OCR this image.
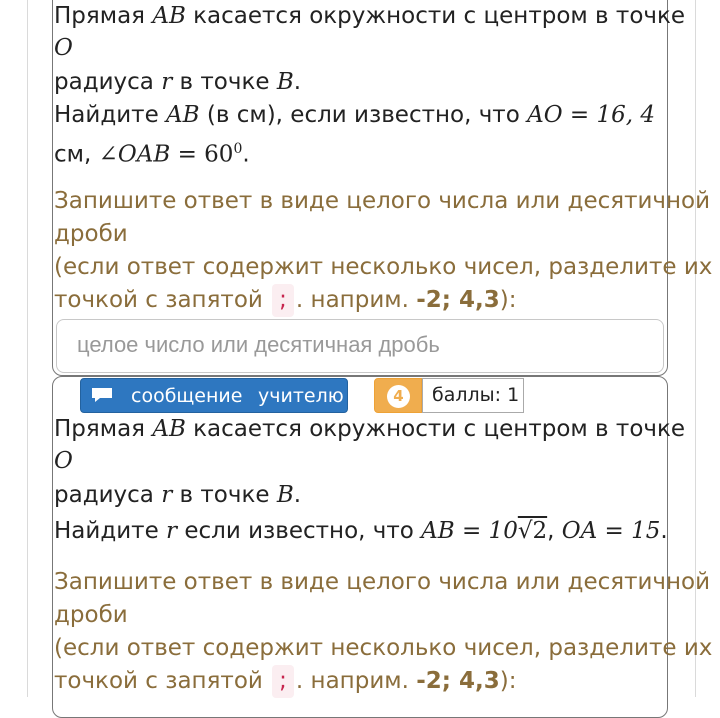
Прямая AB касается окружности с центром в точке
O
радиуса r в точке B.
Найдите AB (в см), если известно, что AO = 16, 4
см, ∠OAB = $60^0$.
Запишите ответ в виде целого числа или десятичной
дроби
(если ответ содержит несколько чисел, разделите их
точкой с запятой ; . наприм. -2; 4,3):
целое число или десятичная дробь
сообщение учителю	4	баллы: 1
Прямая AB касается окружности с центром в точке
O
радиуса r в точке B.
Найдите r если известно, что AB = 10√2, OA = 15.
Запишите ответ в виде целого числа или десятичной
дроби
(если ответ содержит несколько чисел, разделите их
точкой с запятой ; . наприм. -2; 4,3):
